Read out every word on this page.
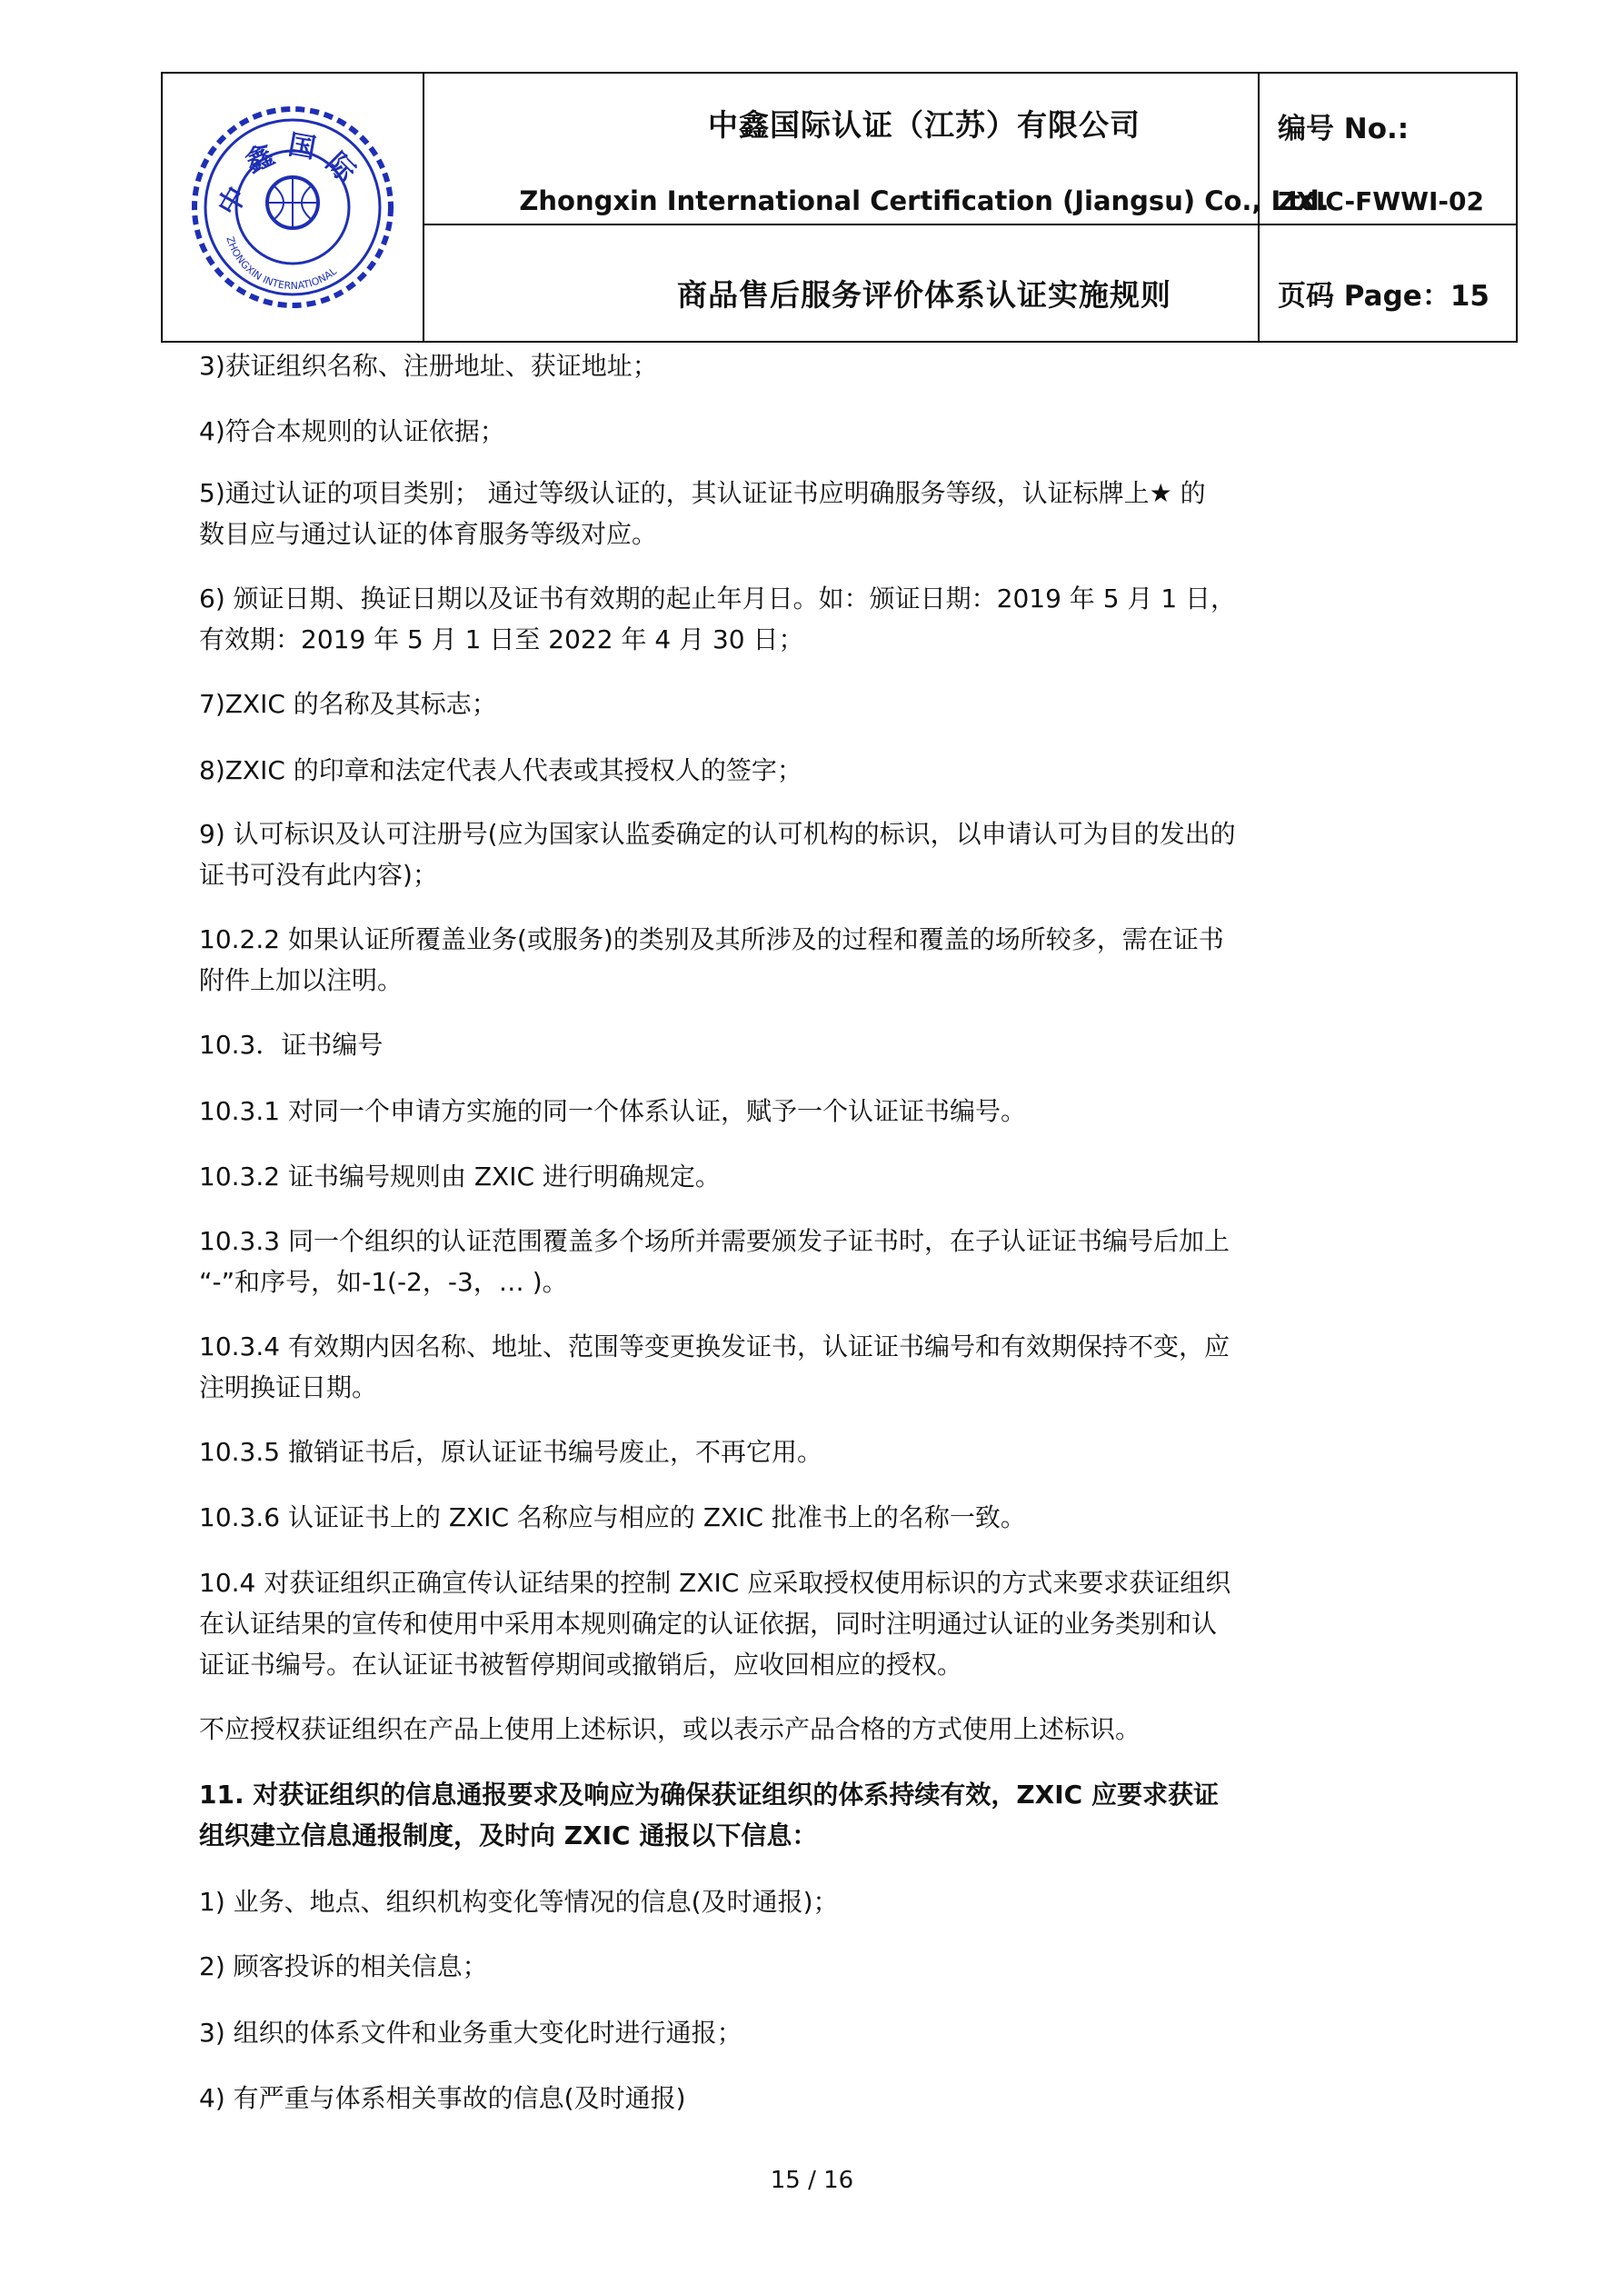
中
鑫 国 际
ZHONGXIN INTERNATIONAL
中鑫国际认证（江苏）有限公司
Zhongxin International Certification (Jiangsu) Co., Ltd.
商品售后服务评价体系认证实施规则
编号 No.:
ZXIC-FWWI-02
页码 Page：15

3)获证组织名称、注册地址、获证地址；

4)符合本规则的认证依据；

5)通过认证的项目类别； 通过等级认证的，其认证证书应明确服务等级，认证标牌上★ 的

数目应与通过认证的体育服务等级对应。

6) 颁证日期、换证日期以及证书有效期的起止年月日。如：颁证日期：2019 年 5 月 1 日，

有效期：2019 年 5 月 1 日至 2022 年 4 月 30 日；

7)ZXIC 的名称及其标志；

8)ZXIC 的印章和法定代表人代表或其授权人的签字；

9) 认可标识及认可注册号(应为国家认监委确定的认可机构的标识，以申请认可为目的发出的

证书可没有此内容)；

10.2.2 如果认证所覆盖业务(或服务)的类别及其所涉及的过程和覆盖的场所较多，需在证书

附件上加以注明。

10.3．证书编号

10.3.1 对同一个申请方实施的同一个体系认证，赋予一个认证证书编号。

10.3.2 证书编号规则由 ZXIC 进行明确规定。

10.3.3 同一个组织的认证范围覆盖多个场所并需要颁发子证书时，在子认证证书编号后加上

“-”和序号，如-1(-2，-3，… )。

10.3.4 有效期内因名称、地址、范围等变更换发证书，认证证书编号和有效期保持不变，应

注明换证日期。

10.3.5 撤销证书后，原认证证书编号废止，不再它用。

10.3.6 认证证书上的 ZXIC 名称应与相应的 ZXIC 批准书上的名称一致。

10.4 对获证组织正确宣传认证结果的控制 ZXIC 应采取授权使用标识的方式来要求获证组织

在认证结果的宣传和使用中采用本规则确定的认证依据，同时注明通过认证的业务类别和认

证证书编号。在认证证书被暂停期间或撤销后，应收回相应的授权。

不应授权获证组织在产品上使用上述标识，或以表示产品合格的方式使用上述标识。

11. 对获证组织的信息通报要求及响应为确保获证组织的体系持续有效，ZXIC 应要求获证

组织建立信息通报制度，及时向 ZXIC 通报以下信息：

1) 业务、地点、组织机构变化等情况的信息(及时通报)；

2) 顾客投诉的相关信息；

3) 组织的体系文件和业务重大变化时进行通报；

4) 有严重与体系相关事故的信息(及时通报)

15 / 16
